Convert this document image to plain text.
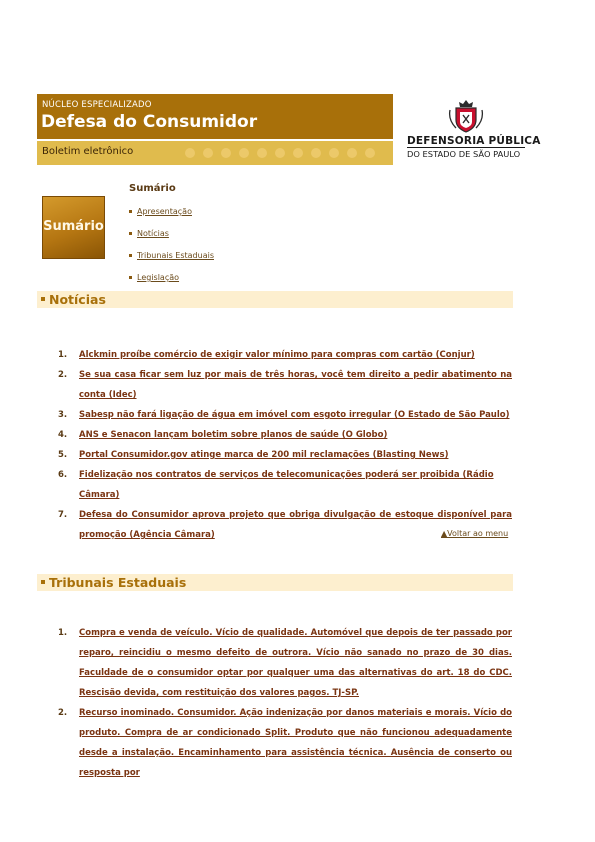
NÚCLEO ESPECIALIZADO
Defesa do Consumidor
Boletim eletrônico
DEFENSORIA PÚBLICA
DO ESTADO DE SÃO PAULO
Sumário
Sumário
Apresentação
Notícias
Tribunais Estaduais
Legislação
Notícias
1. Alckmin proíbe comércio de exigir valor mínimo para compras com cartão (Conjur)
2. Se sua casa ficar sem luz por mais de três horas, você tem direito a pedir abatimento na conta (Idec)
3. Sabesp não fará ligação de água em imóvel com esgoto irregular (O Estado de São Paulo)
4. ANS e Senacon lançam boletim sobre planos de saúde (O Globo)
5. Portal Consumidor.gov atinge marca de 200 mil reclamações (Blasting News)
6. Fidelização nos contratos de serviços de telecomunicações poderá ser proibida (Rádio Câmara)
7. Defesa do Consumidor aprova projeto que obriga divulgação de estoque disponível para promoção (Agência Câmara)	▲Voltar ao menu
Tribunais Estaduais
1. Compra e venda de veículo. Vício de qualidade. Automóvel que depois de ter passado por reparo, reincidiu o mesmo defeito de outrora. Vício não sanado no prazo de 30 dias. Faculdade de o consumidor optar por qualquer uma das alternativas do art. 18 do CDC. Rescisão devida, com restituição dos valores pagos. TJ-SP.
2. Recurso inominado. Consumidor. Ação indenização por danos materiais e morais. Vício do produto. Compra de ar condicionado Split. Produto que não funcionou adequadamente desde a instalação. Encaminhamento para assistência técnica. Ausência de conserto ou resposta por
